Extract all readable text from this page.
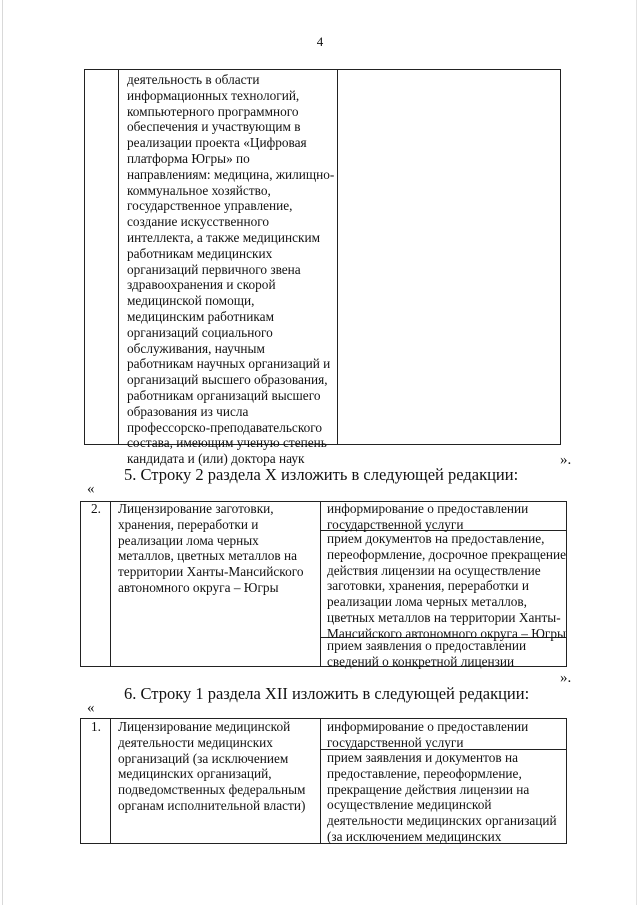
4
деятельность в области
информационных технологий,
компьютерного программного
обеспечения и участвующим в
реализации проекта «Цифровая
платформа Югры» по
направлениям: медицина, жилищно-
коммунальное хозяйство,
государственное управление,
создание искусственного
интеллекта, а также медицинским
работникам медицинских
организаций первичного звена
здравоохранения и скорой
медицинской помощи,
медицинским работникам
организаций социального
обслуживания, научным
работникам научных организаций и
организаций высшего образования,
работникам организаций высшего
образования из числа
профессорско-преподавательского
состава, имеющим ученую степень
кандидата и (или) доктора наук	».
5. Строку 2 раздела X изложить в следующей редакции:
«
2. Лицензирование заготовки,
хранения, переработки и
реализации лома черных
металлов, цветных металлов на
территории Ханты-Мансийского
автономного округа – Югры
информирование о предоставлении
государственной услуги
прием документов на предоставление,
переоформление, досрочное прекращение
действия лицензии на осуществление
заготовки, хранения, переработки и
реализации лома черных металлов,
цветных металлов на территории Ханты-
Мансийского автономного округа – Югры
прием заявления о предоставлении
сведений о конкретной лицензии
».
6. Строку 1 раздела XII изложить в следующей редакции:
«
1. Лицензирование медицинской
деятельности медицинских
организаций (за исключением
медицинских организаций,
подведомственных федеральным
органам исполнительной власти)
информирование о предоставлении
государственной услуги
прием заявления и документов на
предоставление, переоформление,
прекращение действия лицензии на
осуществление медицинской
деятельности медицинских организаций
(за исключением медицинских
